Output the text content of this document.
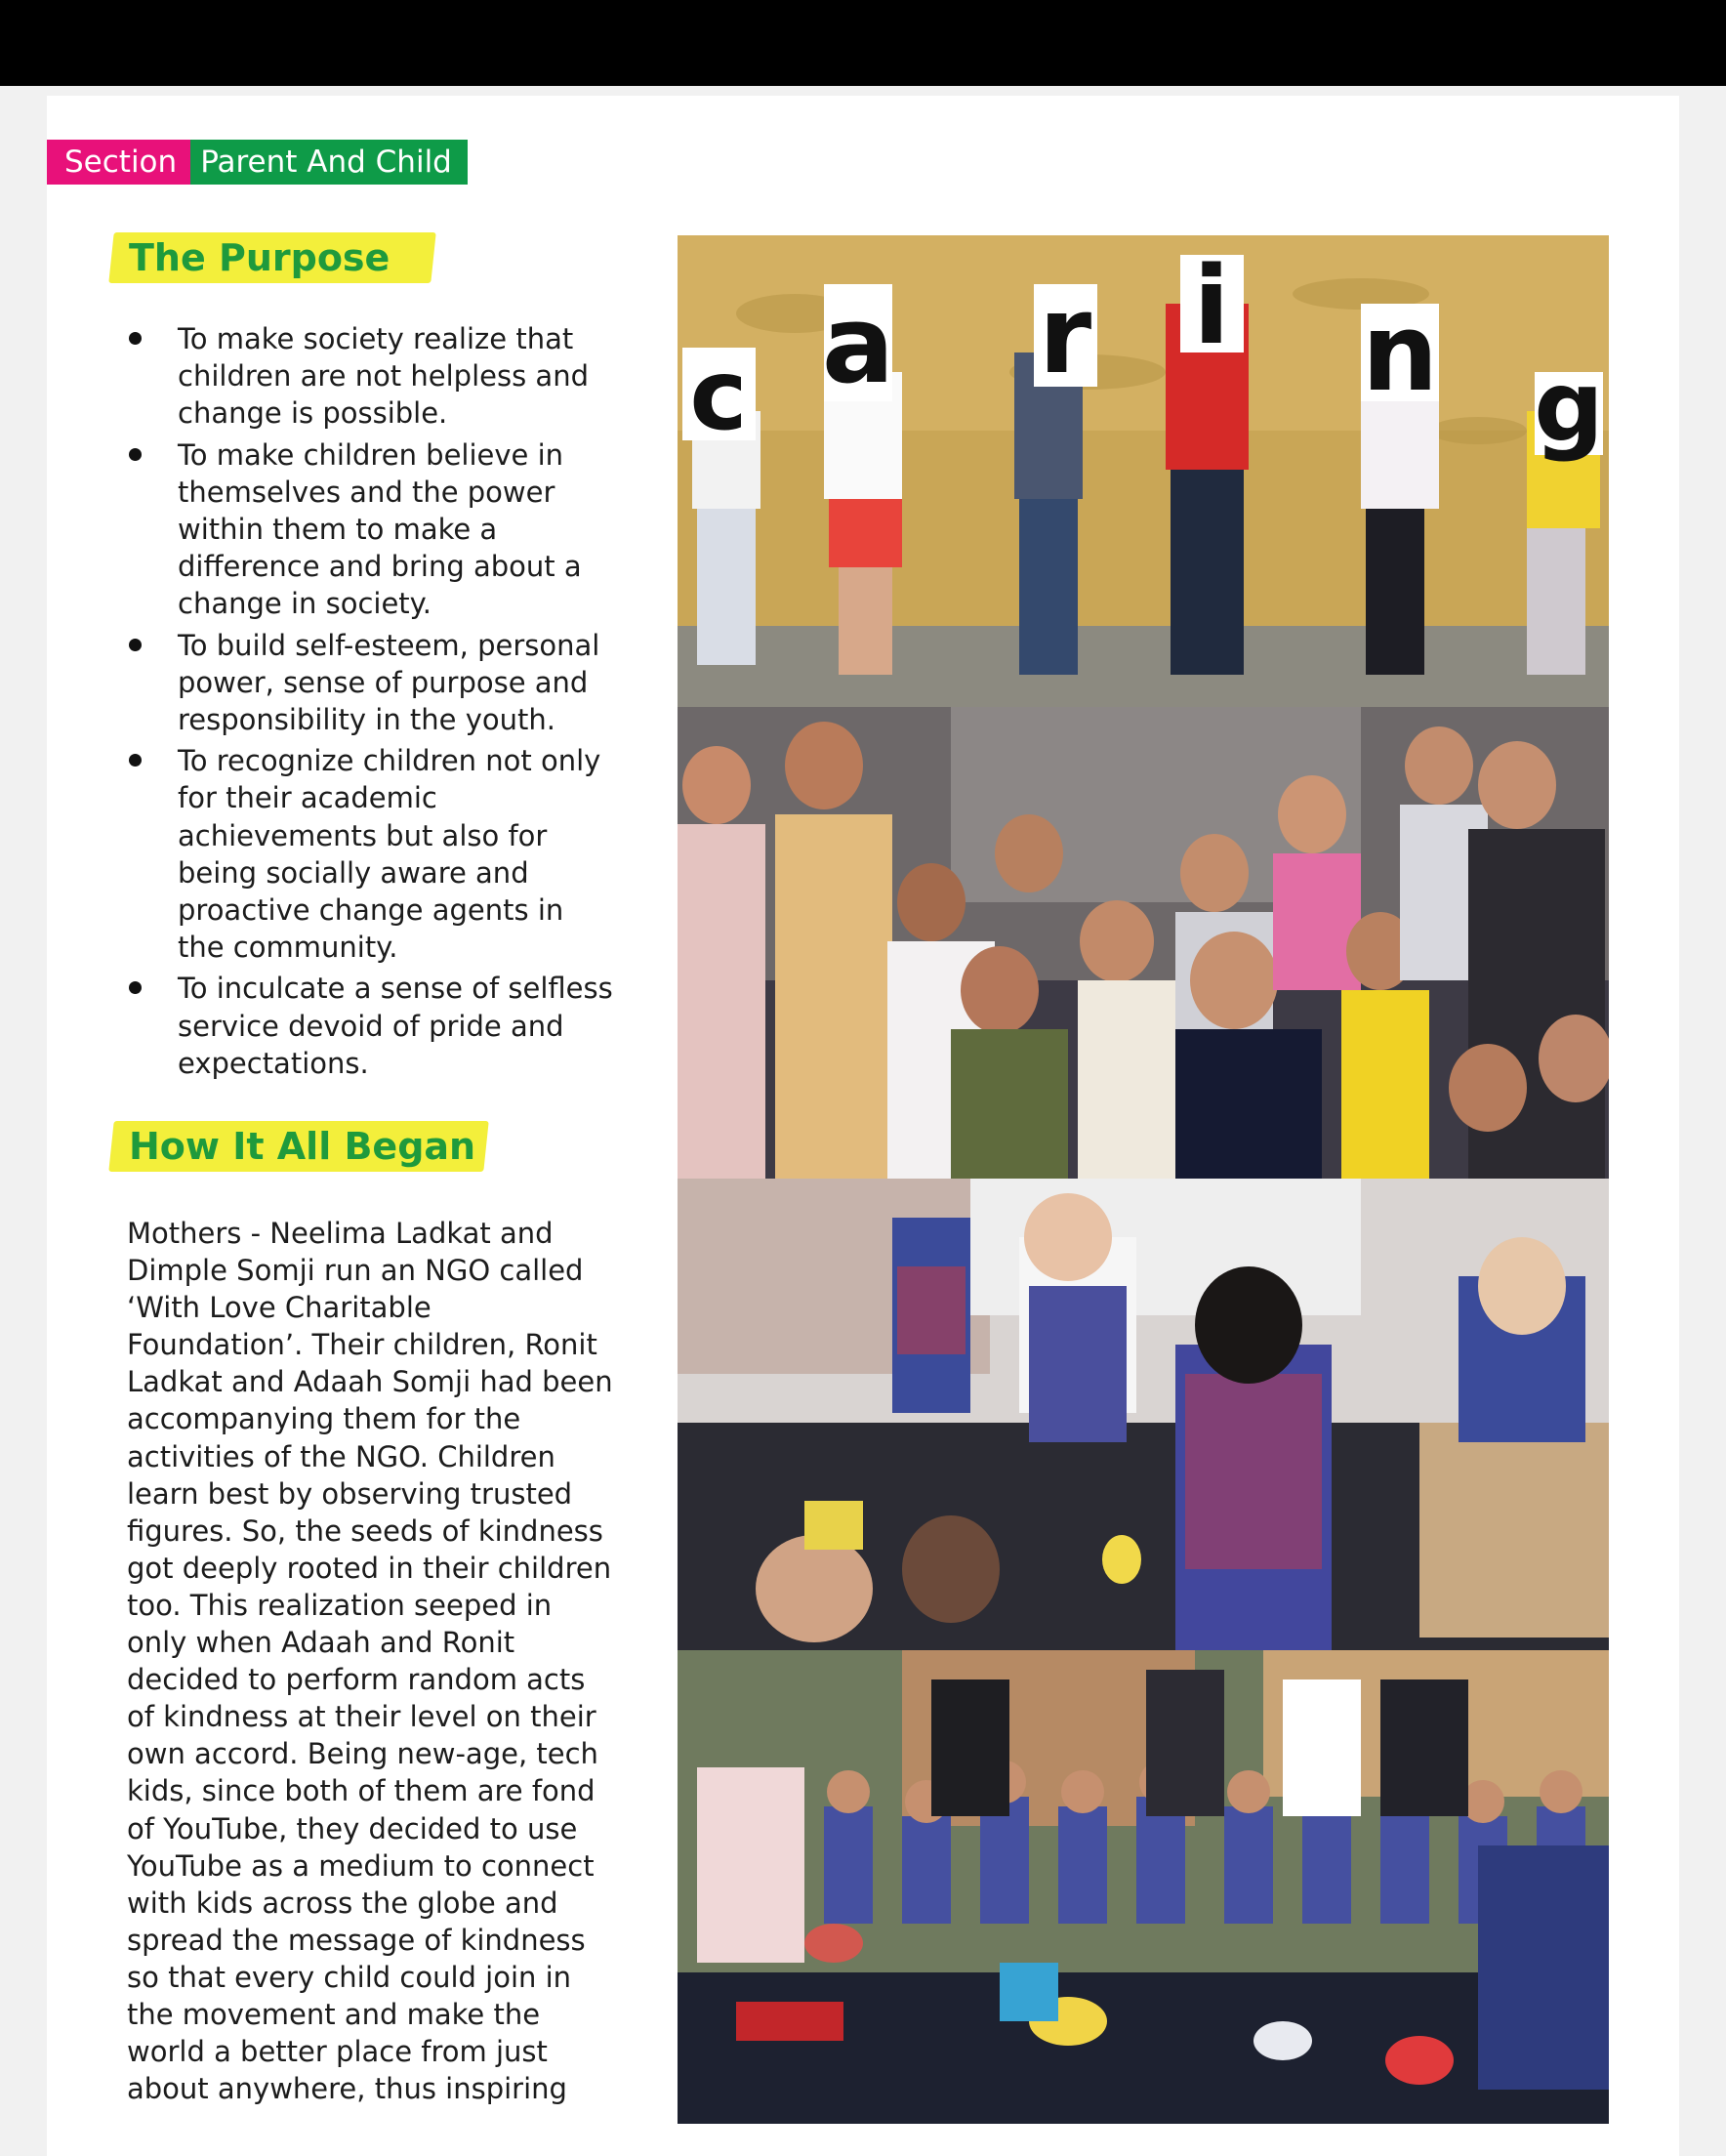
Section Parent And Child
The Purpose
To make society realize that children are not helpless and change is possible.
To make children believe in themselves and the power within them to make a difference and bring about a change in society.
To build self-esteem, personal power, sense of purpose and responsibility in the youth.
To recognize children not only for their academic achievements but also for being socially aware and proactive change agents in the community.
To inculcate a sense of selfless service devoid of pride and expectations.
How It All Began

Mothers - Neelima Ladkat and Dimple Somji run an NGO called ‘With Love Charitable Foundation’. Their children, Ronit Ladkat and Adaah Somji had been accompanying them for the activities of the NGO. Children learn best by observing trusted figures. So, the seeds of kindness got deeply rooted in their children too. This realization seeped in only when Adaah and Ronit decided to perform random acts of kindness at their level on their own accord. Being new-age, tech kids, since both of them are fond of YouTube, they decided to use YouTube as a medium to connect with kids across the globe and spread the message of kindness so that every child could join in the movement and make the world a better place from just about anywhere, thus inspiring

c a r i n g
